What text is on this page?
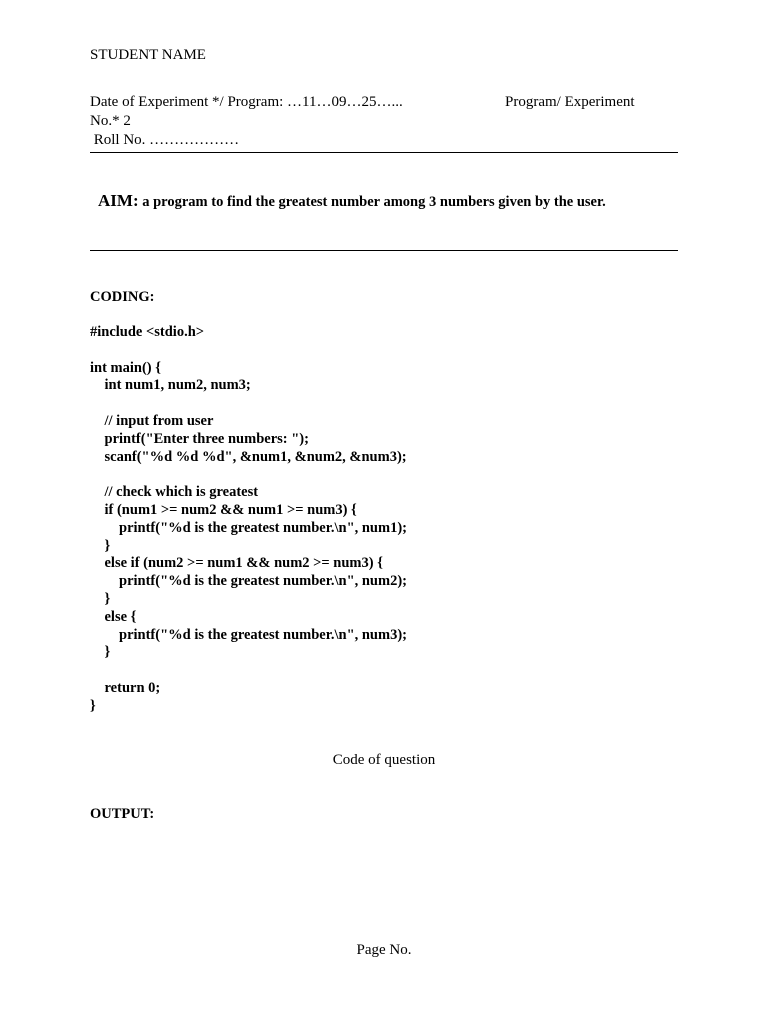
STUDENT NAME
Date of Experiment */ Program: …11…09…25…...	Program/ Experiment
No.* 2
Roll No. ………………

AIM: a program to find the greatest number among 3 numbers given by the user.

CODING:
#include <stdio.h>
int main() {
int num1, num2, num3;
// input from user
printf("Enter three numbers: ");
scanf("%d %d %d", &num1, &num2, &num3);
// check which is greatest
if (num1 >= num2 && num1 >= num3) {
printf("%d is the greatest number.\n", num1);
}
else if (num2 >= num1 && num2 >= num3) {
printf("%d is the greatest number.\n", num2);
}
else {
printf("%d is the greatest number.\n", num3);
}
return 0;
}
Code of question
OUTPUT:
Page No.
